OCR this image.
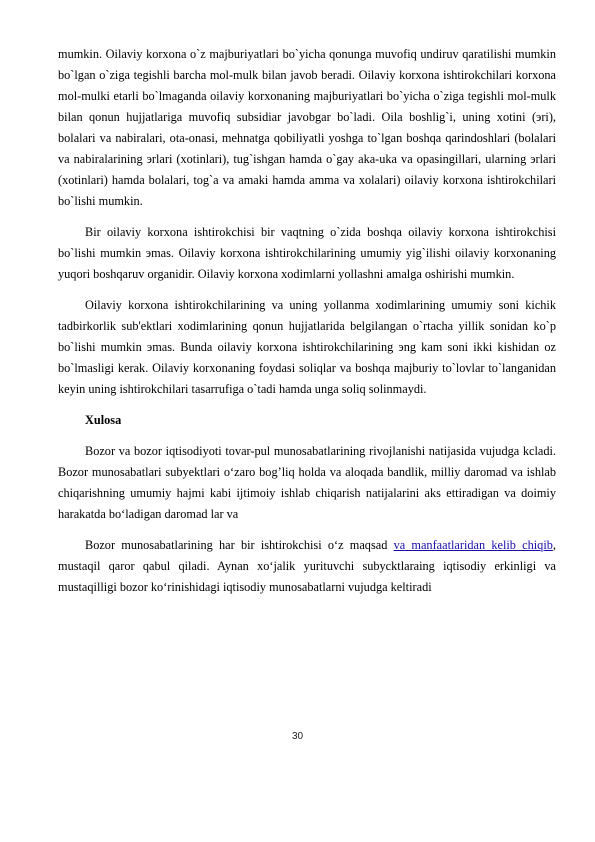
mumkin. Oilaviy korxona o`z majburiyatlari bo`yicha qonunga muvofiq undiruv qaratilishi mumkin bo`lgan o`ziga tegishli barcha mol-mulk bilan javob beradi. Oilaviy korxona ishtirokchilari korxona mol-mulki etarli bo`lmaganda oilaviy korxonaning majburiyatlari bo`yicha o`ziga tegishli mol-mulk bilan qonun hujjatlariga muvofiq subsidiar javobgar bo`ladi. Oila boshlig`i, uning xotini (эri), bolalari va nabiralari, ota-onasi, mehnatga qobiliyatli yoshga to`lgan boshqa qarindoshlari (bolalari va nabiralarining эrlari (xotinlari), tug`ishgan hamda o`gay aka-uka va opasingillari, ularning эrlari (xotinlari) hamda bolalari, tog`a va amaki hamda amma va xolalari) oilaviy korxona ishtirokchilari bo`lishi mumkin.

Bir oilaviy korxona ishtirokchisi bir vaqtning o`zida boshqa oilaviy korxona ishtirokchisi bo`lishi mumkin эmas. Oilaviy korxona ishtirokchilarining umumiy yig`ilishi oilaviy korxonaning yuqori boshqaruv organidir. Oilaviy korxona xodimlarni yollashni amalga oshirishi mumkin.

Oilaviy korxona ishtirokchilarining va uning yollanma xodimlarining umumiy soni kichik tadbirkorlik sub'ektlari xodimlarining qonun hujjatlarida belgilangan o`rtacha yillik sonidan ko`p bo`lishi mumkin эmas. Bunda oilaviy korxona ishtirokchilarining эng kam soni ikki kishidan oz bo`lmasligi kerak. Oilaviy korxonaning foydasi soliqlar va boshqa majburiy to`lovlar to`langanidan keyin uning ishtirokchilari tasarrufiga o`tadi hamda unga soliq solinmaydi.

Xulosa

Bozor va bozor iqtisodiyoti tovar-pul munosabatlarining rivojlanishi natijasida vujudga kcladi. Bozor munosabatlari subyektlari o‘zaro bog’liq holda va aloqada bandlik, milliy daromad va ishlab chiqarishning umumiy hajmi kabi ijtimoiy ishlab chiqarish natijalarini aks ettiradigan va doimiy harakatda bo‘ladigan daromad lar va

Bozor munosabatlarining har bir ishtirokchisi o‘z maqsad va manfaatlaridan kelib chiqib, mustaqil qaror qabul qiladi. Aynan xo‘jalik yurituvchi subycktlaraing iqtisodiy erkinligi va mustaqilligi bozor ko‘rinishidagi iqtisodiy munosabatlarni vujudga keltiradi

30
